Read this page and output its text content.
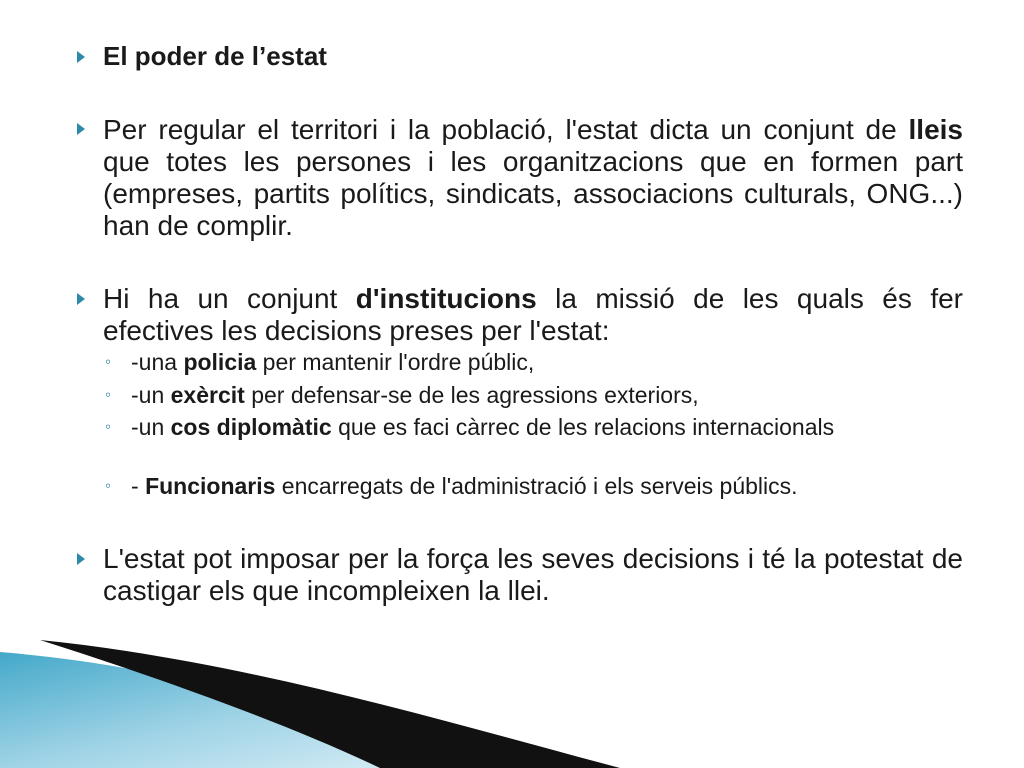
El poder de l’estat

Per regular el territori i la població, l'estat dicta un conjunt de lleis que totes les persones i les organitzacions que en formen part (empreses, partits polítics, sindicats, associacions culturals, ONG...) han de complir.

Hi ha un conjunt d'institucions la missió de les quals és fer efectives les decisions preses per l'estat:

◦ -una policia per mantenir l'ordre públic,

◦ -un exèrcit per defensar-se de les agressions exteriors,

◦ -un cos diplomàtic que es faci càrrec de les relacions internacionals

◦ - Funcionaris encarregats de l'administració i els serveis públics.

L'estat pot imposar per la força les seves decisions i té la potestat de castigar els que incompleixen la llei.
